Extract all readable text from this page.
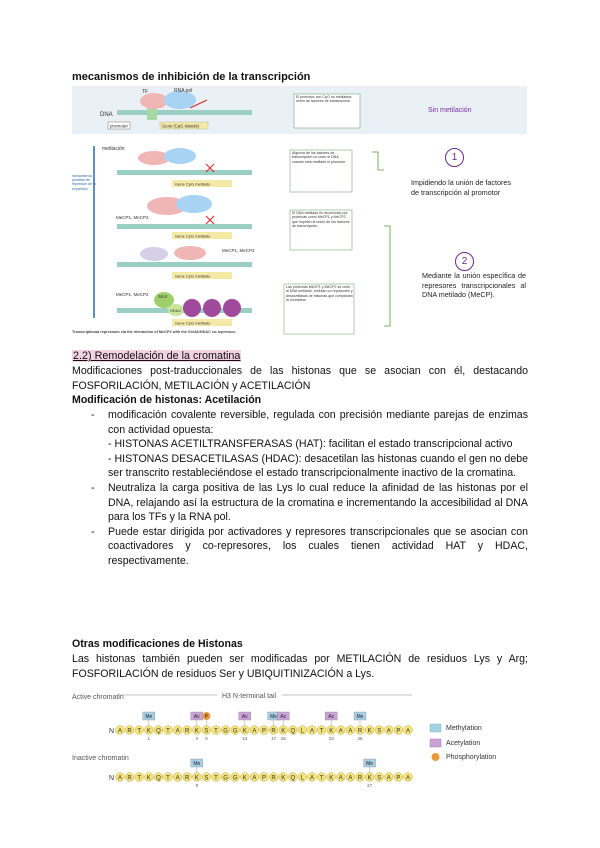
mecanismos de inhibición de la transcripción
DNA
TF	RNA pol
promoter	Gene (CpG islands)
El promotor con CpG no metilados: unión de factores de transcripción
Sin metilación
metilación
mecanismos posibles de represión de la expresión
Gene CpG metilado
Algunos de los factores de transcripción no unen el DNA cuando está metilado el promotor
MeCP1, MeCP2
Gene CpG metilado
El DNA metilado es reconocido por proteínas como MeCP1 y MeCP2, que impiden la unión de los factores de transcripción
MeCP1, MeCP2
Gene CpG metilado
MeCP1, MeCP2 Sin3
HDAC
Gene CpG metilado
Las proteínas MeCP1 y MeCP2 se unen al DNA metilado, reclutan co-represores y desacetilasas de histonas que compactan la cromatina
Transcriptional repression via the interaction of MeCP2 with the Sin3A/HDAC co-repressor.
1
Impidiendo la unión de factores de transcripción al promotor
2
Mediante la unión específica de represores transcripcionales al DNA metilado (MeCP).
2.2) Remodelación de la cromatina
Modificaciones post-traduccionales de las histonas que se asocian con él, destacando FOSFORILACIÓN, METILACIÓN y ACETILACIÓN
Modificación de histonas: Acetilación
-	modificación covalente reversible, regulada con precisión mediante parejas de enzimas con actividad opuesta:
- HISTONAS ACETILTRANSFERASAS (HAT): facilitan el estado transcripcional activo
- HISTONAS DESACETILASAS (HDAC): desacetilan las histonas cuando el gen no debe ser transcrito restableciéndose el estado transcripcionalmente inactivo de la cromatina.
-	Neutraliza la carga positiva de las Lys lo cual reduce la afinidad de las histonas por el DNA, relajando así la estructura de la cromatina e incrementando la accesibilidad al DNA para los TFs y la RNA pol.
-	Puede estar dirigida por activadores y represores transcripcionales que se asocian con coactivadores y co-represores, los cuales tienen actividad HAT y HDAC, respectivamente.
Otras modificaciones de Histonas
Las histonas también pueden ser modificadas por METILACIÓN de residuos Lys y Arg; FOSFORILACIÓN de residuos Ser y UBIQUITINIZACIÓN a Lys.
Active chromatin	H3 N-terminal tail
N
Inactive chromatin
N
A R T K Q T A R K S T G G K A P R K Q L A T K A A R K S A P A
Me
1
Ac
4
P
9
Ac
14
Me
17
Ac
18
Ac
23
Me
26
A R T K Q T A R K S T G G K A P R K Q L A T K A A R K S A P A
Me
9
Me
27
Methylation
Acetylation
Phosphorylation
